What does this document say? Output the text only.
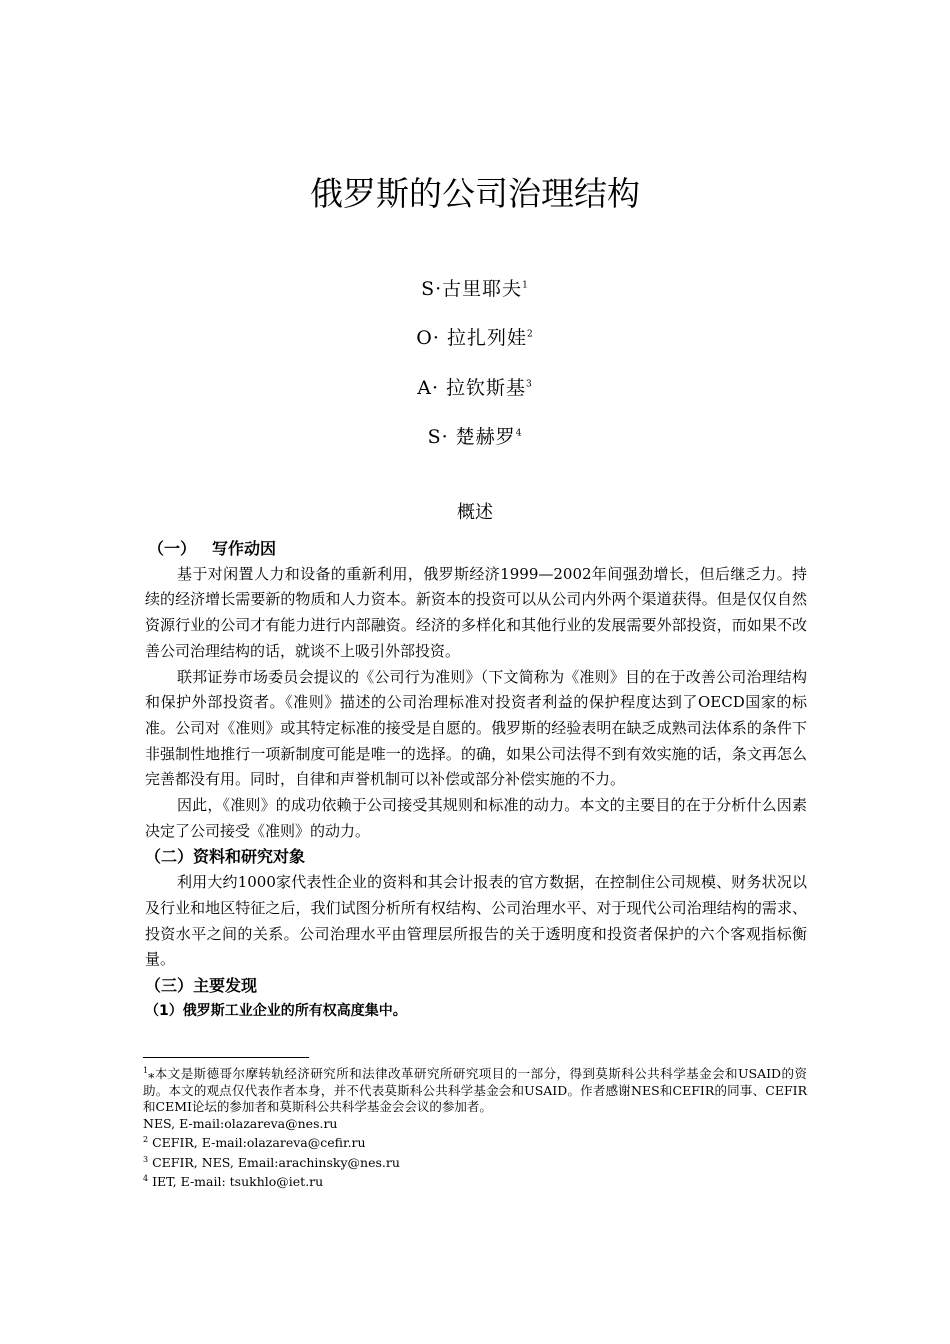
俄罗斯的公司治理结构
S·古里耶夫$^1$
O· 拉扎列娃$^2$
A· 拉钦斯基$^3$
S· 楚赫罗$^4$
概述
（一） 写作动因

基于对闲置人力和设备的重新利用，俄罗斯经济1999—2002年间强劲增长，但后继乏力。持续的经济增长需要新的物质和人力资本。新资本的投资可以从公司内外两个渠道获得。但是仅仅自然资源行业的公司才有能力进行内部融资。经济的多样化和其他行业的发展需要外部投资，而如果不改善公司治理结构的话，就谈不上吸引外部投资。

联邦证券市场委员会提议的《公司行为准则》（下文简称为《准则》目的在于改善公司治理结构和保护外部投资者。《准则》描述的公司治理标准对投资者利益的保护程度达到了OECD国家的标准。公司对《准则》或其特定标准的接受是自愿的。俄罗斯的经验表明在缺乏成熟司法体系的条件下非强制性地推行一项新制度可能是唯一的选择。的确，如果公司法得不到有效实施的话，条文再怎么完善都没有用。同时，自律和声誉机制可以补偿或部分补偿实施的不力。

因此，《准则》的成功依赖于公司接受其规则和标准的动力。本文的主要目的在于分析什么因素决定了公司接受《准则》的动力。

（二）资料和研究对象

利用大约1000家代表性企业的资料和其会计报表的官方数据，在控制住公司规模、财务状况以及行业和地区特征之后，我们试图分析所有权结构、公司治理水平、对于现代公司治理结构的需求、投资水平之间的关系。公司治理水平由管理层所报告的关于透明度和投资者保护的六个客观指标衡量。

（三）主要发现
（1）俄罗斯工业企业的所有权高度集中。

$^1$⁎本文是斯德哥尔摩转轨经济研究所和法律改革研究所研究项目的一部分，得到莫斯科公共科学基金会和USAID的资助。本文的观点仅代表作者本身，并不代表莫斯科公共科学基金会和USAID。作者感谢NES和CEFIR的同事、CEFIR和CEMI论坛的参加者和莫斯科公共科学基金会会议的参加者。

NES, E-mail:olazareva@nes.ru

$^2$ CEFIR, E-mail:olazareva@cefir.ru

$^3$ CEFIR, NES, Email:arachinsky@nes.ru

$^4$ IET, E-mail: tsukhlo@iet.ru
